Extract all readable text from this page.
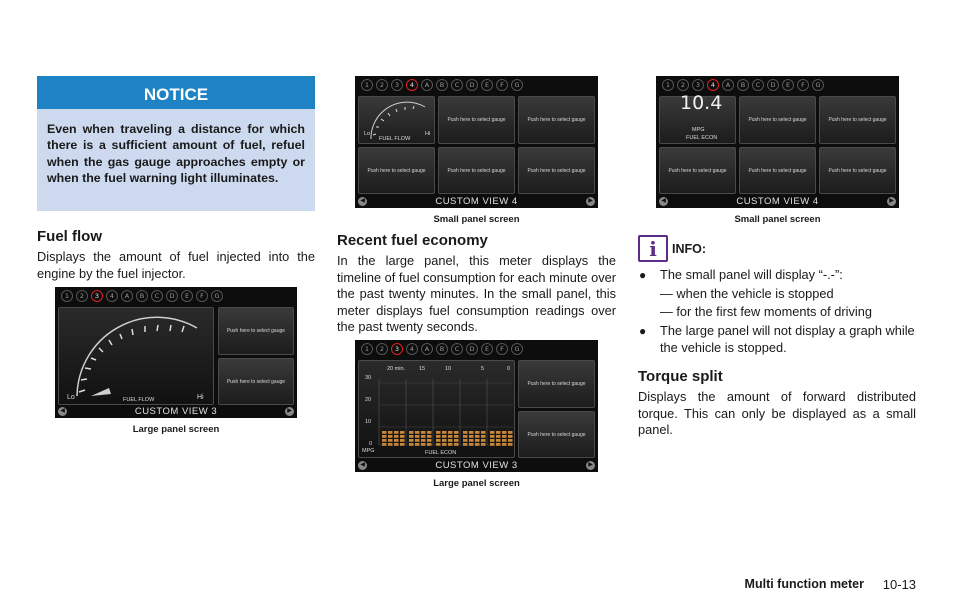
NOTICE
Even when traveling a distance for which there is a sufficient amount of fuel, refuel when the gas gauge approaches empty or when the fuel warning light illuminates.
Fuel flow
Displays the amount of fuel injected into the engine by the fuel injector.
1	2	3	4	A	B	C	D	E	F	G
Lo	FUEL FLOW	Hi
Push here to select gauge
Push here to select gauge
◀	CUSTOM VIEW 3	▶
Large panel screen
1	2	3	4	A	B	C	D	E	F	G
Lo
FUEL FLOW
Hi
Push here to select gauge	Push here to select gauge
Push here to select gauge	Push here to select gauge	Push here to select gauge
◀	CUSTOM VIEW 4	▶
Small panel screen
Recent fuel economy
In the large panel, this meter displays the timeline of fuel consumption for each minute over the past twenty minutes. In the small panel, this meter displays fuel consumption readings over the past twenty seconds.
1	2	3	4	A	B	C	D	E	F	G
20 min.	15	10	5	0
30
20
10
0
MPG	FUEL ECON
Push here to select gauge
Push here to select gauge
◀	CUSTOM VIEW 3	▶
Large panel screen
1	2	3	4	A	B	C	D	E	F	G
10.4
MPG
FUEL ECON
Push here to select gauge	Push here to select gauge
Push here to select gauge	Push here to select gauge	Push here to select gauge
◀	CUSTOM VIEW 4	▶
Small panel screen
i INFO:
● The small panel will display “-.-”:
— when the vehicle is stopped
— for the first few moments of driving
● The large panel will not display a graph while the vehicle is stopped.
Torque split
Displays the amount of forward distributed torque. This can only be displayed as a small panel.
Multi function meter 10-13
